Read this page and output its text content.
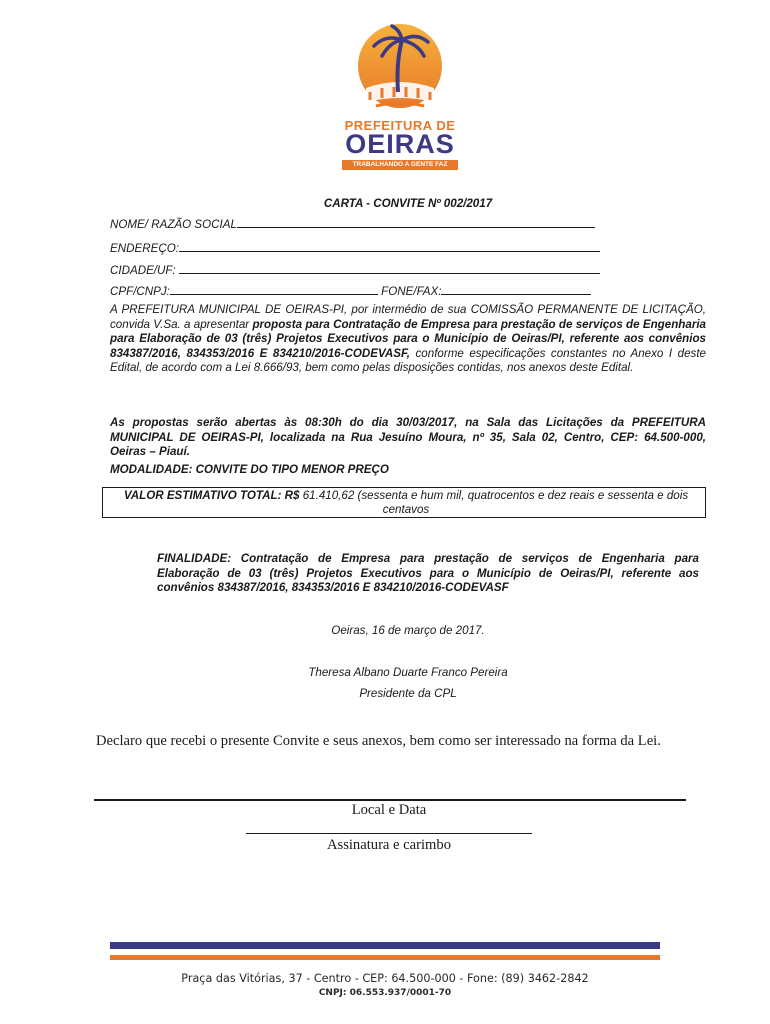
PREFEITURA DE
OEIRAS
TRABALHANDO A GENTE FAZ
CARTA - CONVITE Nº 002/2017
NOME/ RAZÃO SOCIAL
ENDEREÇO:
CIDADE/UF:
CPF/CNPJ:	FONE/FAX:
A PREFEITURA MUNICIPAL DE OEIRAS-PI, por intermédio de sua COMISSÃO PERMANENTE DE LICITAÇÃO, convida V.Sa. a apresentar proposta para Contratação de Empresa para prestação de serviços de Engenharia para Elaboração de 03 (três) Projetos Executivos para o Município de Oeiras/PI, referente aos convênios 834387/2016, 834353/2016 E 834210/2016-CODEVASF, conforme especificações constantes no Anexo I deste Edital, de acordo com a Lei 8.666/93, bem como pelas disposições contidas, nos anexos deste Edital.
As propostas serão abertas às 08:30h do dia 30/03/2017, na Sala das Licitações da PREFEITURA MUNICIPAL DE OEIRAS-PI, localizada na Rua Jesuíno Moura, nº 35, Sala 02, Centro, CEP: 64.500-000, Oeiras – Piauí.
MODALIDADE: CONVITE DO TIPO MENOR PREÇO
VALOR ESTIMATIVO TOTAL: R$ 61.410,62 (sessenta e hum mil, quatrocentos e dez reais e sessenta e dois centavos
FINALIDADE: Contratação de Empresa para prestação de serviços de Engenharia para Elaboração de 03 (três) Projetos Executivos para o Município de Oeiras/PI, referente aos convênios 834387/2016, 834353/2016 E 834210/2016-CODEVASF
Oeiras, 16 de março de 2017.
Theresa Albano Duarte Franco Pereira
Presidente da CPL
Declaro que recebi o presente Convite e seus anexos, bem como ser interessado na forma da Lei.
Local e Data
Assinatura e carimbo
Praça das Vitórias, 37 - Centro - CEP: 64.500-000 - Fone: (89) 3462-2842
CNPJ: 06.553.937/0001-70
